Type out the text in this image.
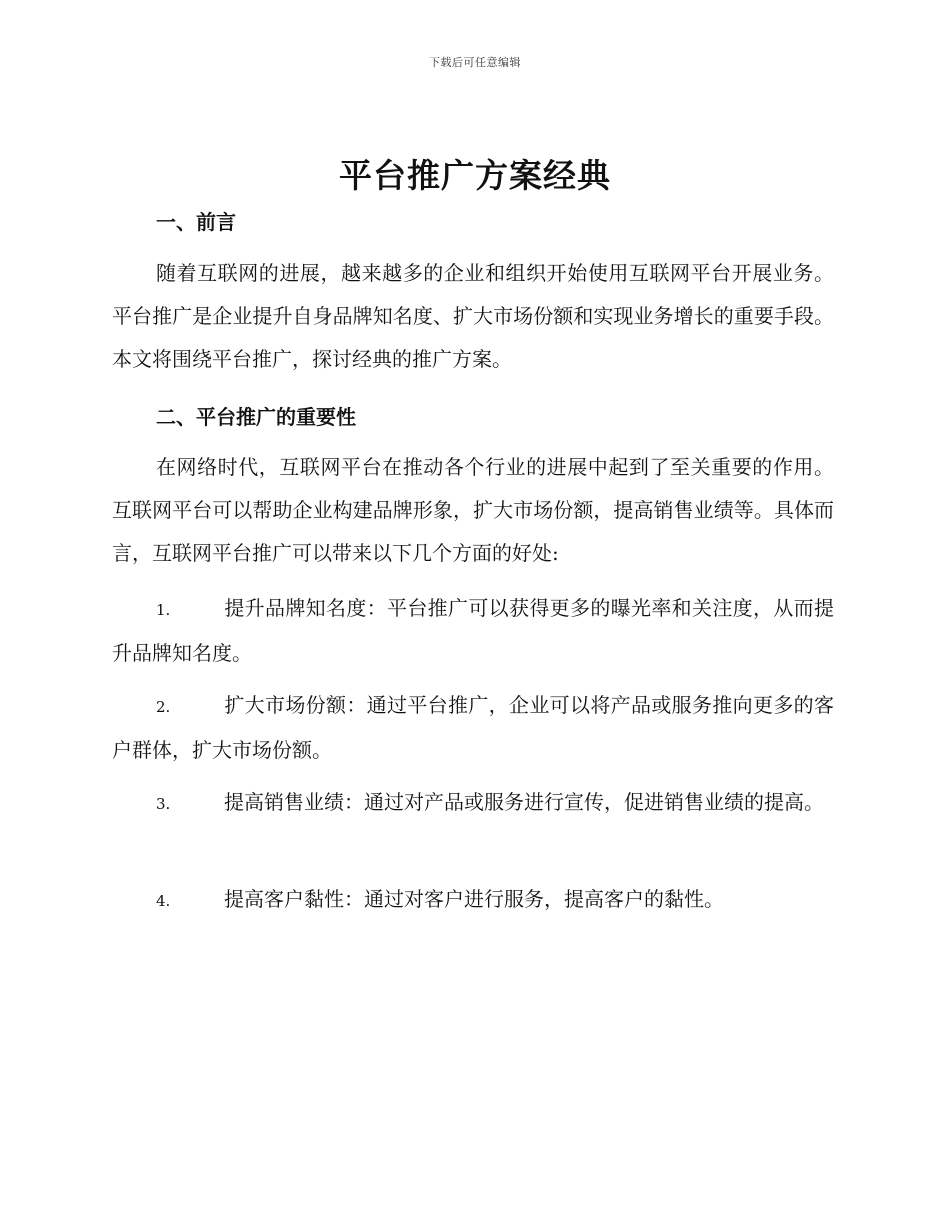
下载后可任意编辑
平台推广方案经典
一、前言

随着互联网的进展，越来越多的企业和组织开始使用互联网平台开展业务。平台推广是企业提升自身品牌知名度、扩大市场份额和实现业务增长的重要手段。本文将围绕平台推广，探讨经典的推广方案。

二、平台推广的重要性

在网络时代，互联网平台在推动各个行业的进展中起到了至关重要的作用。互联网平台可以帮助企业构建品牌形象，扩大市场份额，提高销售业绩等。具体而言，互联网平台推广可以带来以下几个方面的好处:

1.	提升品牌知名度：平台推广可以获得更多的曝光率和关注度，从而提升品牌知名度。

2.	扩大市场份额：通过平台推广，企业可以将产品或服务推向更多的客户群体，扩大市场份额。

3.	提高销售业绩：通过对产品或服务进行宣传，促进销售业绩的提高。

4.	提高客户黏性：通过对客户进行服务，提高客户的黏性。
